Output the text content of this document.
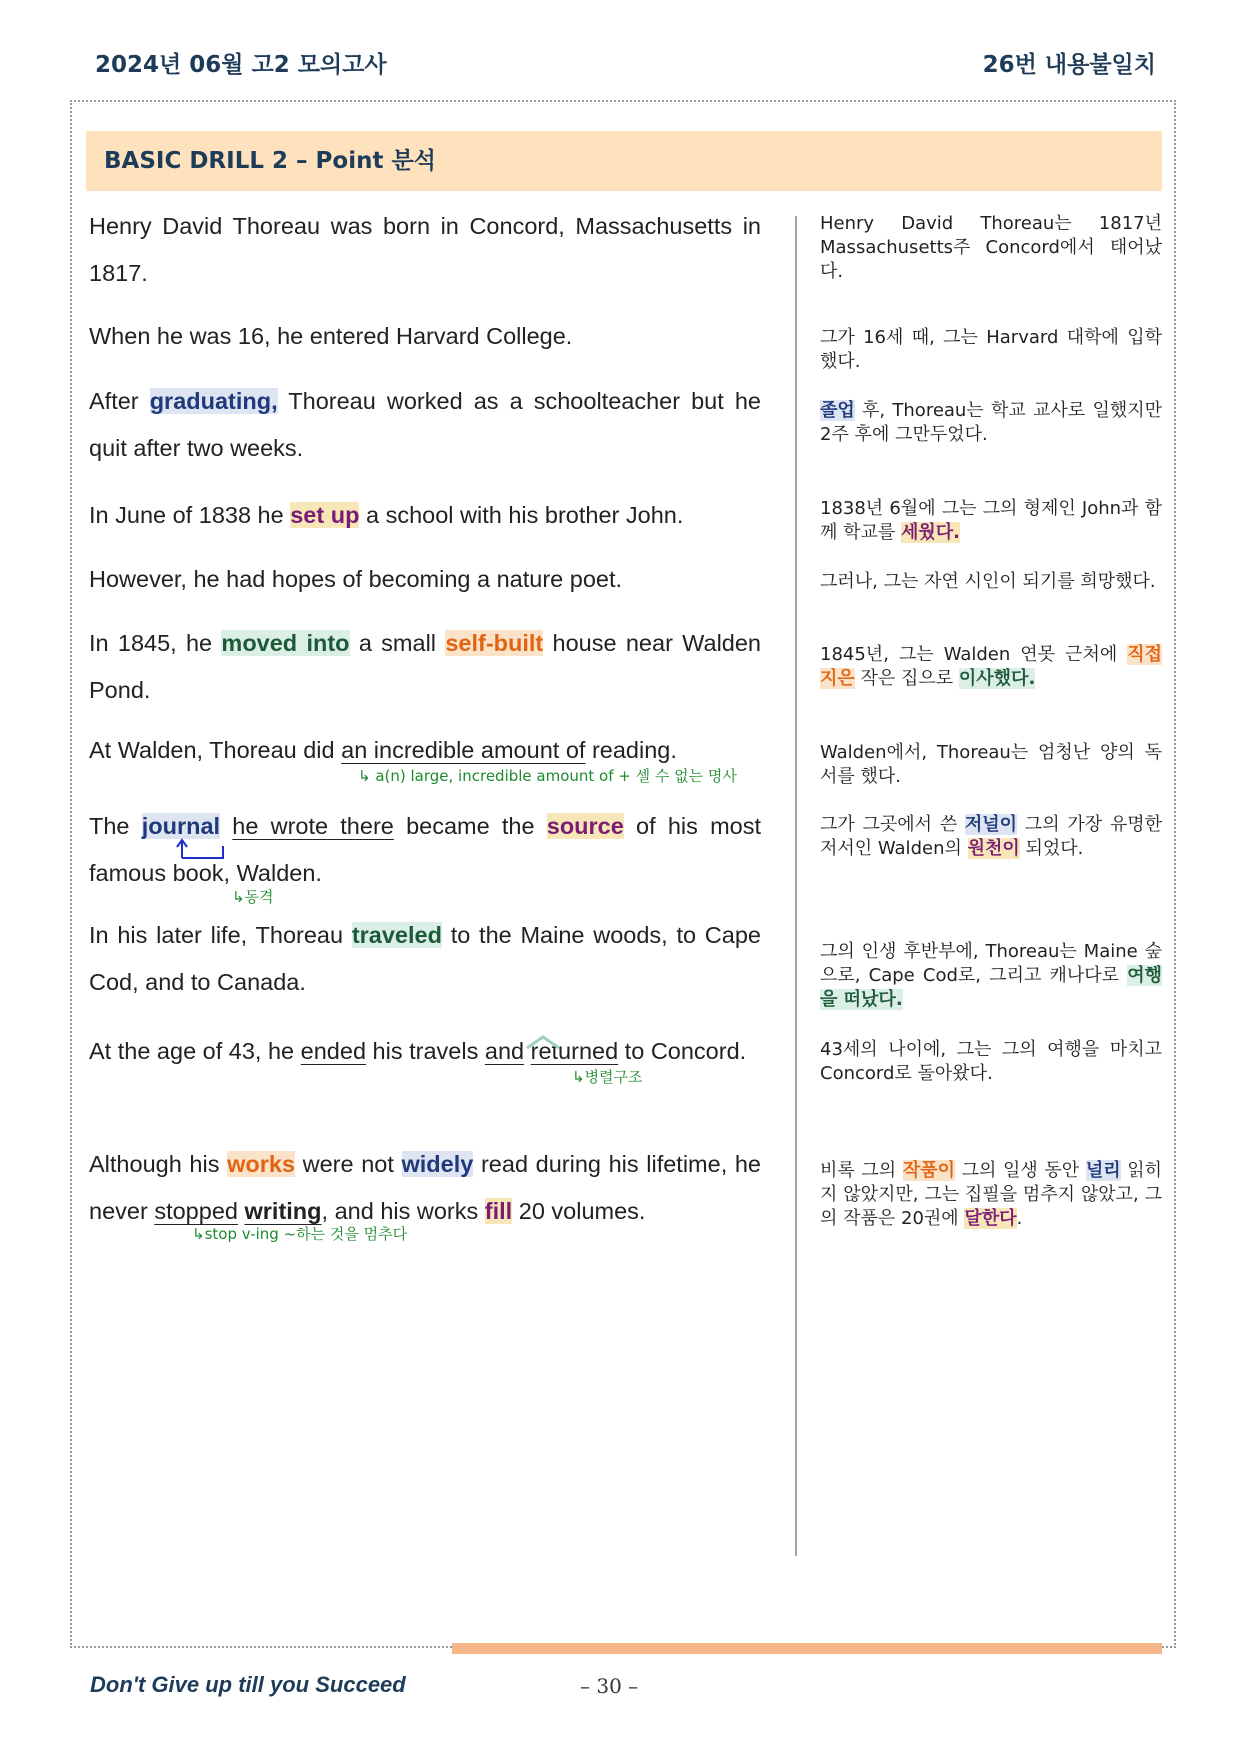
2024년 06월 고2 모의고사	26번 내용불일치
BASIC DRILL 2 – Point 분석
Henry David Thoreau was born in Concord, Massachusetts in 1817.
Henry David Thoreau는 1817년 Massachusetts주 Concord에서 태어났다.
When he was 16, he entered Harvard College.	그가 16세 때, 그는 Harvard 대학에 입학했다.
After graduating, Thoreau worked as a schoolteacher but he quit after two weeks.
졸업 후, Thoreau는 학교 교사로 일했지만 2주 후에 그만두었다.
In June of 1838 he set up a school with his brother John.	1838년 6월에 그는 그의 형제인 John과 함께 학교를 세웠다.
However, he had hopes of becoming a nature poet.	그러나, 그는 자연 시인이 되기를 희망했다.
In 1845, he moved into a small self-built house near Walden Pond.
1845년, 그는 Walden 연못 근처에 직접 지은 작은 집으로 이사했다.
At Walden, Thoreau did an incredible amount of reading.
↳ a(n) large, incredible amount of + 셀 수 없는 명사
Walden에서, Thoreau는 엄청난 양의 독서를 했다.
The journal he wrote there became the source of his most famous book, Walden.
↳동격
그가 그곳에서 쓴 저널이 그의 가장 유명한 저서인 Walden의 원천이 되었다.
In his later life, Thoreau traveled to the Maine woods, to Cape Cod, and to Canada.
그의 인생 후반부에, Thoreau는 Maine 숲으로, Cape Cod로, 그리고 캐나다로 여행을 떠났다.
At the age of 43, he ended his travels and returned to Concord.
↳병렬구조
43세의 나이에, 그는 그의 여행을 마치고 Concord로 돌아왔다.
Although his works were not widely read during his lifetime, he never stopped writing, and his works fill 20 volumes.
↳stop v-ing ~하는 것을 멈추다
비록 그의 작품이 그의 일생 동안 널리 읽히지 않았지만, 그는 집필을 멈추지 않았고, 그의 작품은 20권에 달한다.
Don't Give up till you Succeed	– 30 –
